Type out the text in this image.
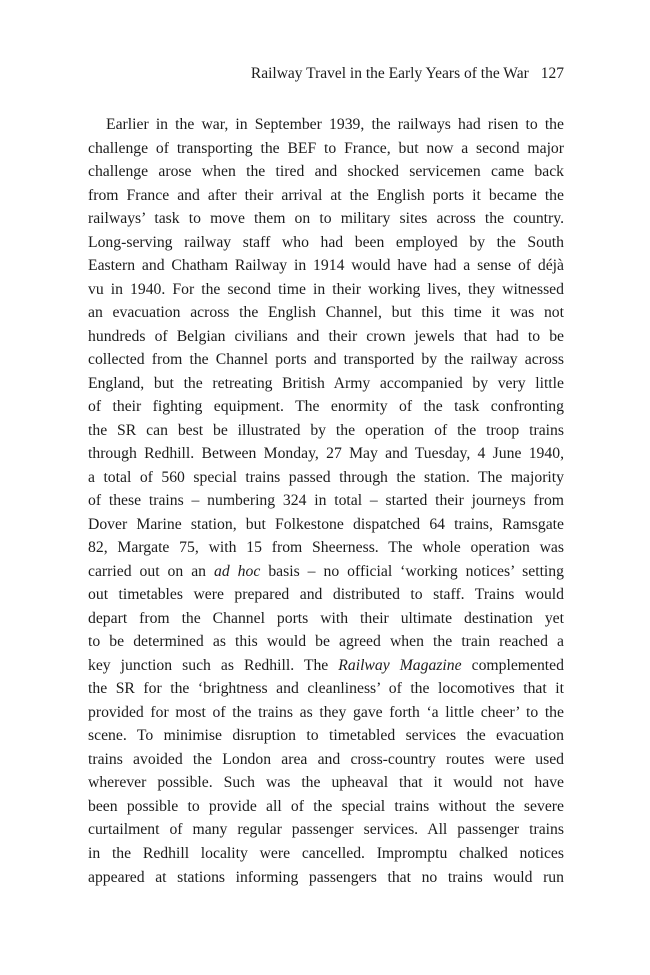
Railway Travel in the Early Years of the War 127
Earlier in the war, in September 1939, the railways had risen to the
challenge of transporting the BEF to France, but now a second major
challenge arose when the tired and shocked servicemen came back
from France and after their arrival at the English ports it became the
railways’ task to move them on to military sites across the country.
Long-serving railway staff who had been employed by the South
Eastern and Chatham Railway in 1914 would have had a sense of déjà
vu in 1940. For the second time in their working lives, they witnessed
an evacuation across the English Channel, but this time it was not
hundreds of Belgian civilians and their crown jewels that had to be
collected from the Channel ports and transported by the railway across
England, but the retreating British Army accompanied by very little
of their fighting equipment. The enormity of the task confronting
the SR can best be illustrated by the operation of the troop trains
through Redhill. Between Monday, 27 May and Tuesday, 4 June 1940,
a total of 560 special trains passed through the station. The majority
of these trains – numbering 324 in total – started their journeys from
Dover Marine station, but Folkestone dispatched 64 trains, Ramsgate
82, Margate 75, with 15 from Sheerness. The whole operation was
carried out on an ad hoc basis – no official ‘working notices’ setting
out timetables were prepared and distributed to staff. Trains would
depart from the Channel ports with their ultimate destination yet
to be determined as this would be agreed when the train reached a
key junction such as Redhill. The Railway Magazine complemented
the SR for the ‘brightness and cleanliness’ of the locomotives that it
provided for most of the trains as they gave forth ‘a little cheer’ to the
scene. To minimise disruption to timetabled services the evacuation
trains avoided the London area and cross-country routes were used
wherever possible. Such was the upheaval that it would not have
been possible to provide all of the special trains without the severe
curtailment of many regular passenger services. All passenger trains
in the Redhill locality were cancelled. Impromptu chalked notices
appeared at stations informing passengers that no trains would run
